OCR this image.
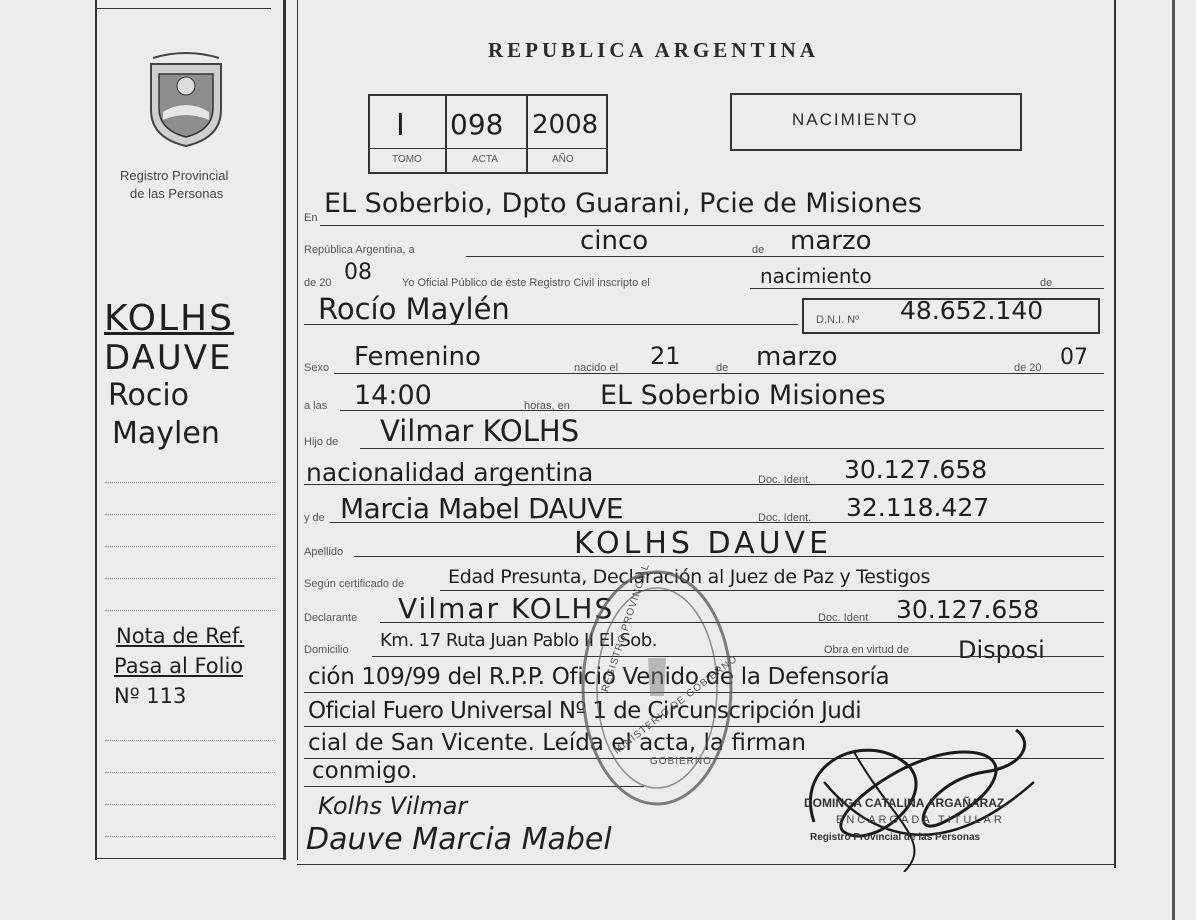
Registro Provincial
de las Personas
KOLHS
DAUVE
Rocio
Maylen
Nota de Ref.
Pasa al Folio
Nº 113
REPUBLICA ARGENTINA
I 098 2008
TOMO	ACTA	AÑO
NACIMIENTO
En EL Soberbio, Dpto Guarani, Pcie de Misiones
República Argentina, a	cinco	de marzo
de 20 08	Yo Oficial Público de éste Registro Civil inscripto el	nacimiento	de
Rocío Maylén	D.N.I. Nº 48.652.140
Sexo Femenino	nacido el 21	de marzo	de 20 07
a las 14:00	horas, en EL Soberbio Misiones
Hijo de Vilmar KOLHS
nacionalidad argentina	Doc. Ident. 30.127.658
y de Marcia Mabel DAUVE	Doc. Ident. 32.118.427
Apellido	KOLHS DAUVE
Según certificado de Edad Presunta, Declaración al Juez de Paz y Testigos
Declarante Vilmar KOLHS	Doc. Ident 30.127.658
Domicilio Km. 17 Ruta Juan Pablo II El Sob.	Obra en virtud de Disposi
ción 109/99 del R.P.P. Oficio Venido de la Defensoría
Oficial Fuero Universal Nº 1 de Circunscripción Judi
cial de San Vicente. Leída el acta, la firman
conmigo.
Kolhs Vilmar
Dauve Marcia Mabel
MINISTERIO DE GOBIERNO
REGISTRO PROVINCIAL
GOBIERNO
DOMINGA CATALINA ARGAÑARAZ
ENCARGADA TITULAR
Registro Provincial de las Personas
